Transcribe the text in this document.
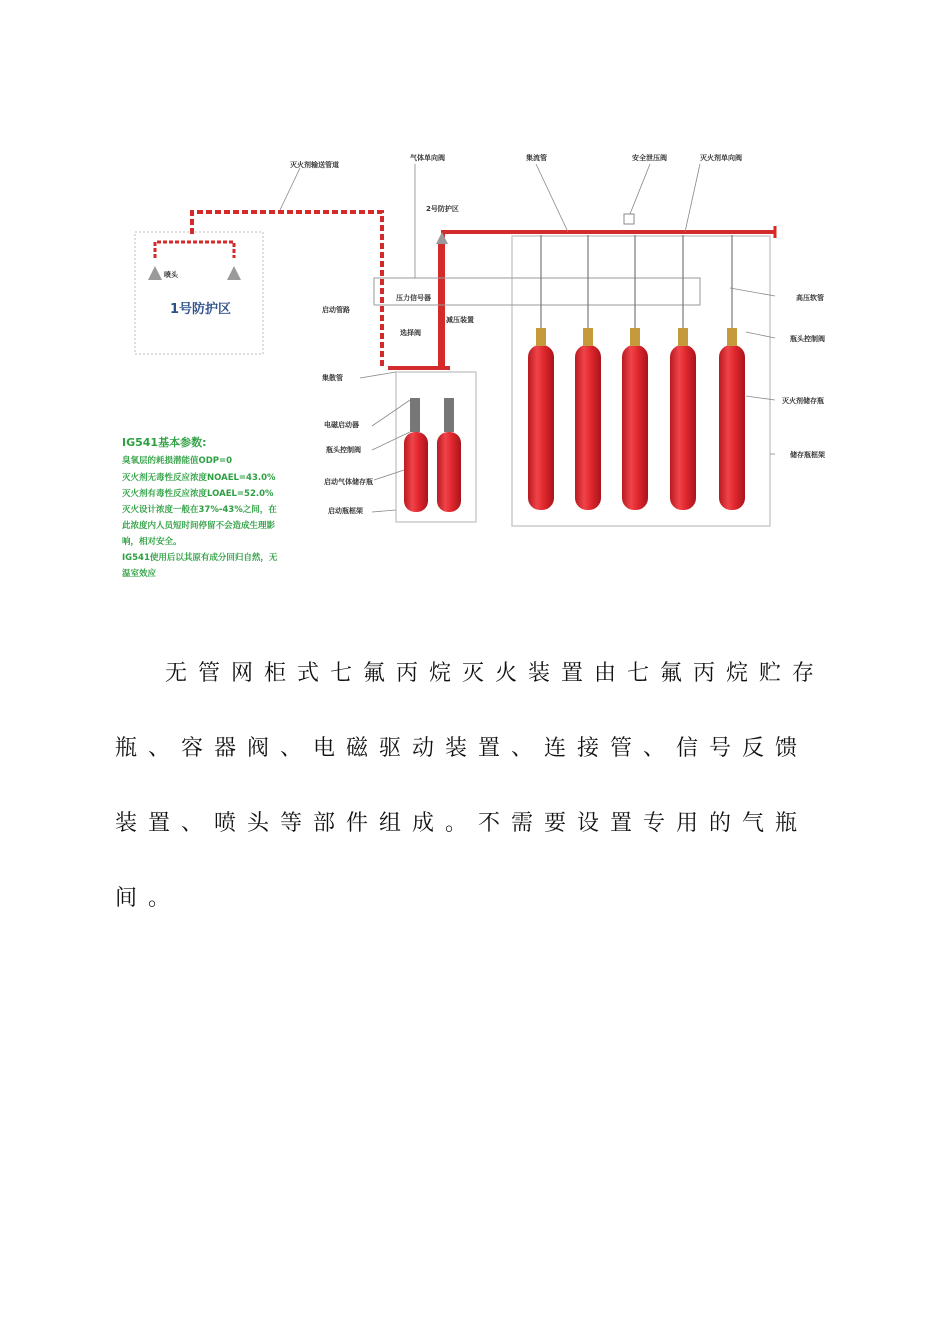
灭火剂输送管道
气体单向阀	集流管	安全泄压阀	灭火剂单向阀
2号防护区
喷头
1号防护区	启动管路
压力信号器
减压装置
选择阀
集散管
高压软管
瓶头控制阀
灭火剂储存瓶
电磁启动器
瓶头控制阀
启动气体储存瓶
启动瓶框架
储存瓶框架
IG541基本参数:
臭氧层的耗损潜能值ODP=0
灭火剂无毒性反应浓度NOAEL=43.0%
灭火剂有毒性反应浓度LOAEL=52.0%
灭火设计浓度一般在37%-43%之间，在
此浓度内人员短时间停留不会造成生理影
响，相对安全。
IG541使用后以其原有成分回归自然，无
温室效应

无管网柜式七氟丙烷灭火装置由七氟丙烷贮存瓶、容器阀、电磁驱动装置、连接管、信号反馈装置、喷头等部件组成。不需要设置专用的气瓶间。
